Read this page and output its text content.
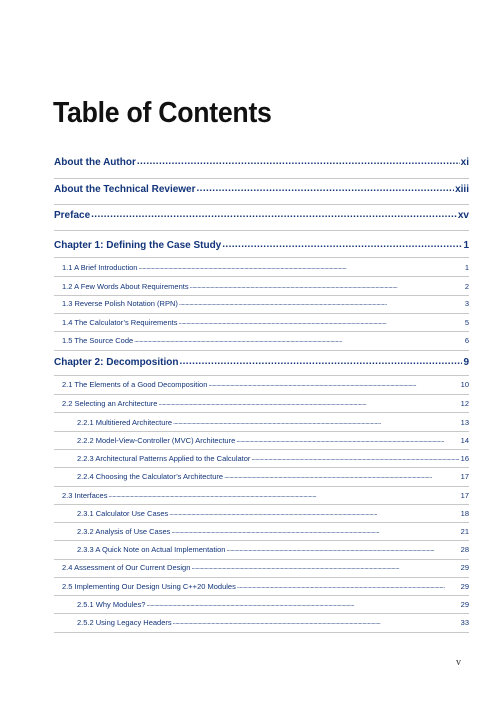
Table of Contents
About the Author . . .	xi
About the Technical Reviewer . . .	xiii
Preface . . .	xv
Chapter 1: Defining the Case Study . . .	1
1.1 A Brief Introduction . . .	1
1.2 A Few Words About Requirements . . .	2
1.3 Reverse Polish Notation (RPN) . . .	3
1.4 The Calculator’s Requirements . . .	5
1.5 The Source Code . . .	6
Chapter 2: Decomposition . . .	9
2.1 The Elements of a Good Decomposition . . .	10
2.2 Selecting an Architecture . . .	12
2.2.1 Multitiered Architecture . . .	13
2.2.2 Model-View-Controller (MVC) Architecture . . .	14
2.2.3 Architectural Patterns Applied to the Calculator . . .	16
2.2.4 Choosing the Calculator’s Architecture . . .	17
2.3 Interfaces . . .	17
2.3.1 Calculator Use Cases . . .	18
2.3.2 Analysis of Use Cases . . .	21
2.3.3 A Quick Note on Actual Implementation . . .	28
2.4 Assessment of Our Current Design . . .	29
2.5 Implementing Our Design Using C++20 Modules . . .	29
2.5.1 Why Modules? . . .	29
2.5.2 Using Legacy Headers . . .	33
v
